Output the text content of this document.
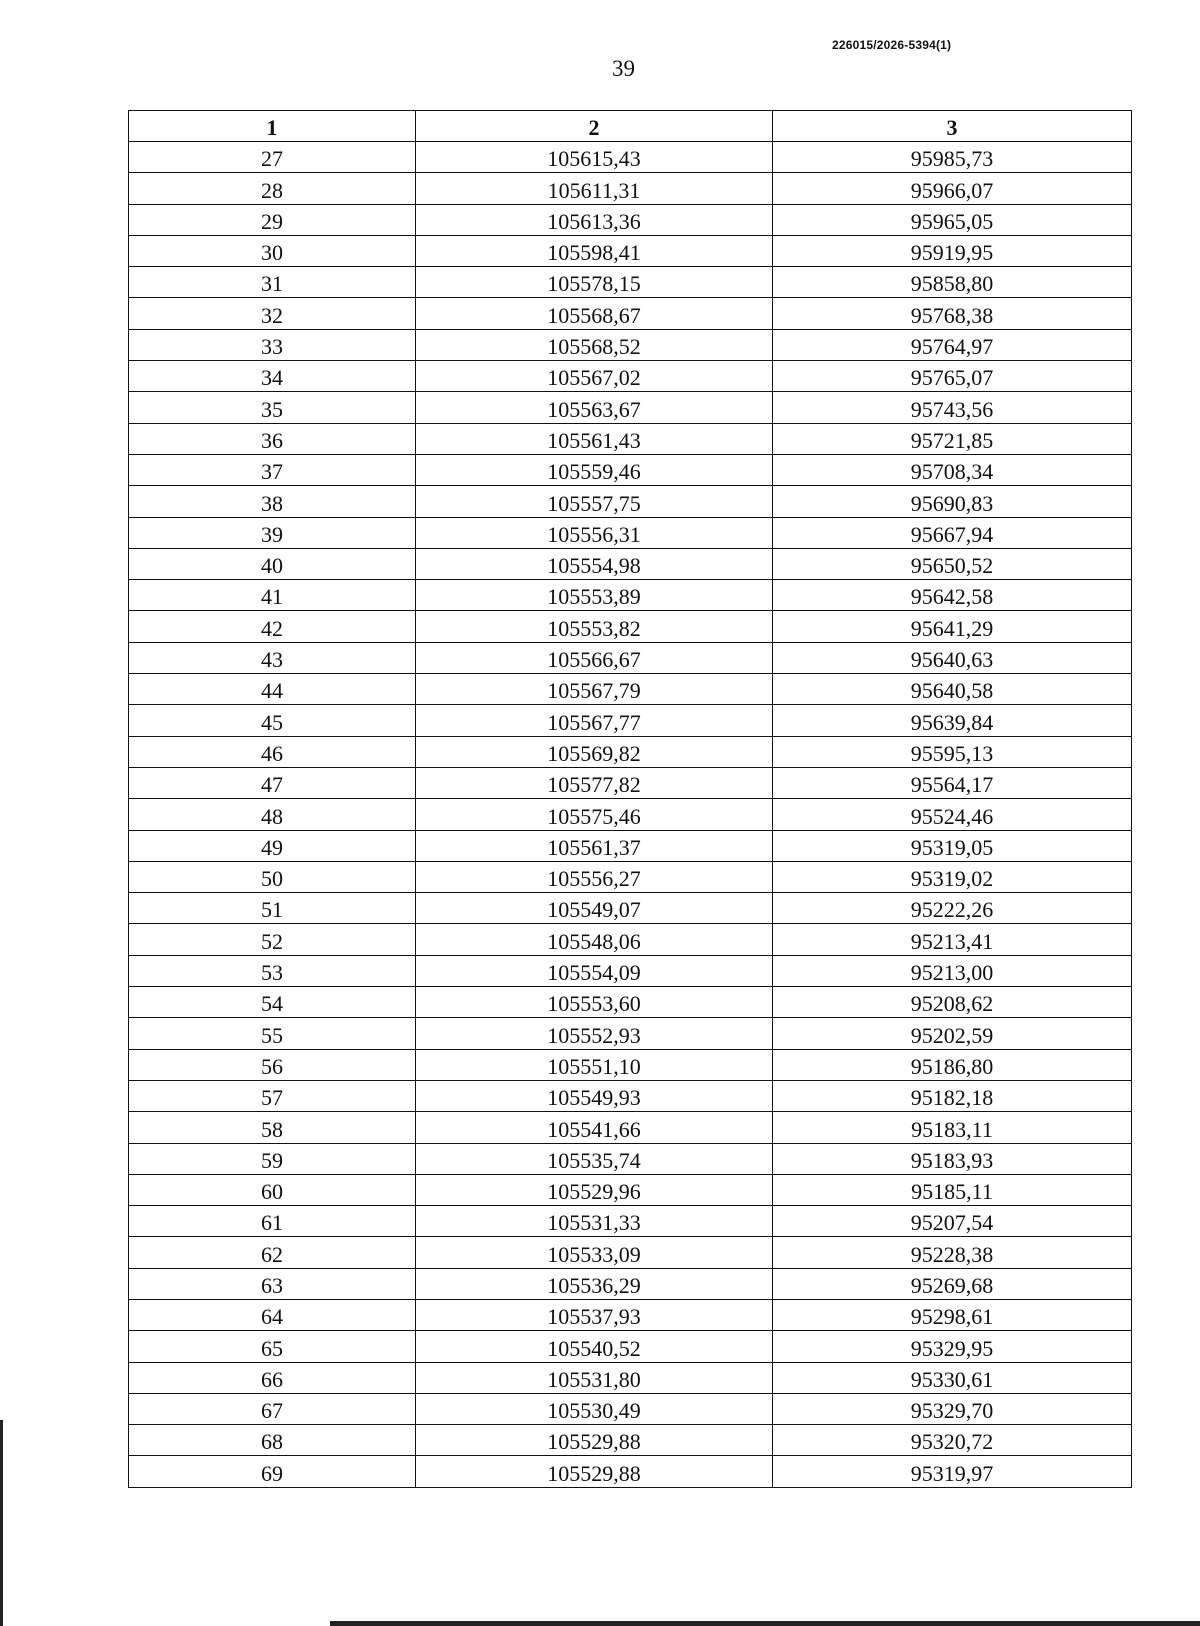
226015/2026-5394(1)
39
1	2	3
27	105615,43	95985,73
28	105611,31	95966,07
29	105613,36	95965,05
30	105598,41	95919,95
31	105578,15	95858,80
32	105568,67	95768,38
33	105568,52	95764,97
34	105567,02	95765,07
35	105563,67	95743,56
36	105561,43	95721,85
37	105559,46	95708,34
38	105557,75	95690,83
39	105556,31	95667,94
40	105554,98	95650,52
41	105553,89	95642,58
42	105553,82	95641,29
43	105566,67	95640,63
44	105567,79	95640,58
45	105567,77	95639,84
46	105569,82	95595,13
47	105577,82	95564,17
48	105575,46	95524,46
49	105561,37	95319,05
50	105556,27	95319,02
51	105549,07	95222,26
52	105548,06	95213,41
53	105554,09	95213,00
54	105553,60	95208,62
55	105552,93	95202,59
56	105551,10	95186,80
57	105549,93	95182,18
58	105541,66	95183,11
59	105535,74	95183,93
60	105529,96	95185,11
61	105531,33	95207,54
62	105533,09	95228,38
63	105536,29	95269,68
64	105537,93	95298,61
65	105540,52	95329,95
66	105531,80	95330,61
67	105530,49	95329,70
68	105529,88	95320,72
69	105529,88	95319,97
